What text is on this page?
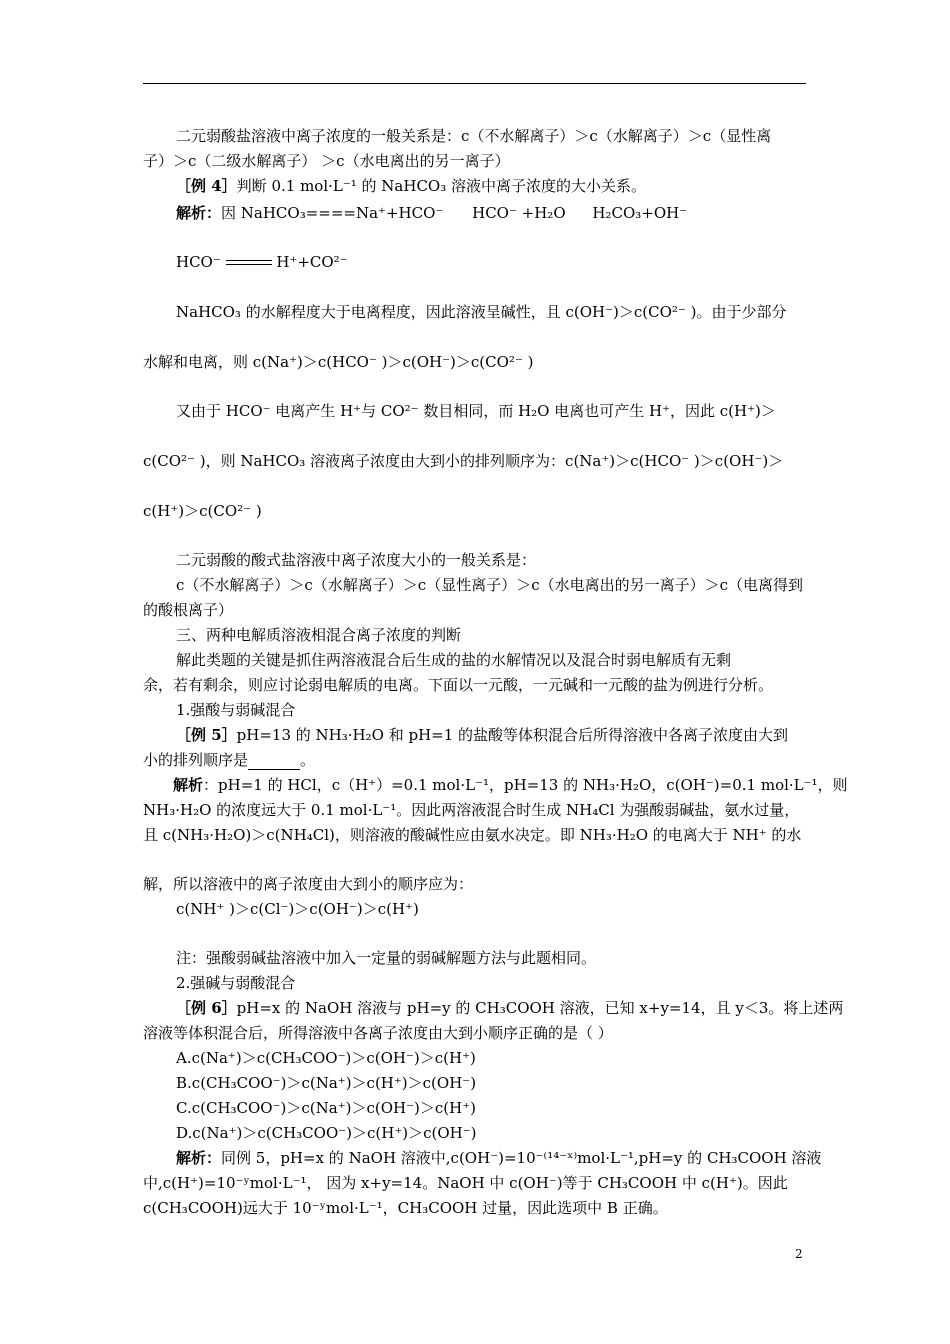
二元弱酸盐溶液中离子浓度的一般关系是：c（不水解离子）＞c（水解离子）＞c（显性离
子）＞c（二级水解离子） ＞c（水电离出的另一离子）
［例 4］判断 0.1 mol·L⁻¹ 的 NaHCO₃ 溶液中离子浓度的大小关系。
解析：因 NaHCO₃====Na⁺+HCO⁻ HCO⁻ +H₂O H₂CO₃+OH⁻
HCO⁻	H⁺+CO²⁻
NaHCO₃ 的水解程度大于电离程度，因此溶液呈碱性，且 c(OH⁻)＞c(CO²⁻ )。由于少部分
水解和电离，则 c(Na⁺)＞c(HCO⁻ )＞c(OH⁻)＞c(CO²⁻ )
又由于 HCO⁻ 电离产生 H⁺与 CO²⁻ 数目相同，而 H₂O 电离也可产生 H⁺，因此 c(H⁺)＞
c(CO²⁻ )，则 NaHCO₃ 溶液离子浓度由大到小的排列顺序为：c(Na⁺)＞c(HCO⁻ )＞c(OH⁻)＞
c(H⁺)＞c(CO²⁻ )
二元弱酸的酸式盐溶液中离子浓度大小的一般关系是：
c（不水解离子）＞c（水解离子）＞c（显性离子）＞c（水电离出的另一离子）＞c（电离得到
的酸根离子）
三、两种电解质溶液相混合离子浓度的判断
解此类题的关键是抓住两溶液混合后生成的盐的水解情况以及混合时弱电解质有无剩
余，若有剩余，则应讨论弱电解质的电离。下面以一元酸，一元碱和一元酸的盐为例进行分析。
1.强酸与弱碱混合
［例 5］pH=13 的 NH₃·H₂O 和 pH=1 的盐酸等体积混合后所得溶液中各离子浓度由大到
小的排列顺序是	。
解析：pH=1 的 HCl，c（H⁺）=0.1 mol·L⁻¹，pH=13 的 NH₃·H₂O，c(OH⁻)=0.1 mol·L⁻¹，则
NH₃·H₂O 的浓度远大于 0.1 mol·L⁻¹。因此两溶液混合时生成 NH₄Cl 为强酸弱碱盐，氨水过量，
且 c(NH₃·H₂O)＞c(NH₄Cl)，则溶液的酸碱性应由氨水决定。即 NH₃·H₂O 的电离大于 NH⁺ 的水
解，所以溶液中的离子浓度由大到小的顺序应为：
c(NH⁺ )＞c(Cl⁻)＞c(OH⁻)＞c(H⁺)
注：强酸弱碱盐溶液中加入一定量的弱碱解题方法与此题相同。
2.强碱与弱酸混合
［例 6］pH=x 的 NaOH 溶液与 pH=y 的 CH₃COOH 溶液，已知 x+y=14，且 y＜3。将上述两
溶液等体积混合后，所得溶液中各离子浓度由大到小顺序正确的是（ ）
A.c(Na⁺)＞c(CH₃COO⁻)＞c(OH⁻)＞c(H⁺)
B.c(CH₃COO⁻)＞c(Na⁺)＞c(H⁺)＞c(OH⁻)
C.c(CH₃COO⁻)＞c(Na⁺)＞c(OH⁻)＞c(H⁺)
D.c(Na⁺)＞c(CH₃COO⁻)＞c(H⁺)＞c(OH⁻)
解析：同例 5，pH=x 的 NaOH 溶液中,c(OH⁻)=10⁻⁽¹⁴⁻ˣ⁾mol·L⁻¹,pH=y 的 CH₃COOH 溶液
中,c(H⁺)=10⁻ʸmol·L⁻¹， 因为 x+y=14。NaOH 中 c(OH⁻)等于 CH₃COOH 中 c(H⁺)。因此
c(CH₃COOH)远大于 10⁻ʸmol·L⁻¹，CH₃COOH 过量，因此选项中 B 正确。
2
